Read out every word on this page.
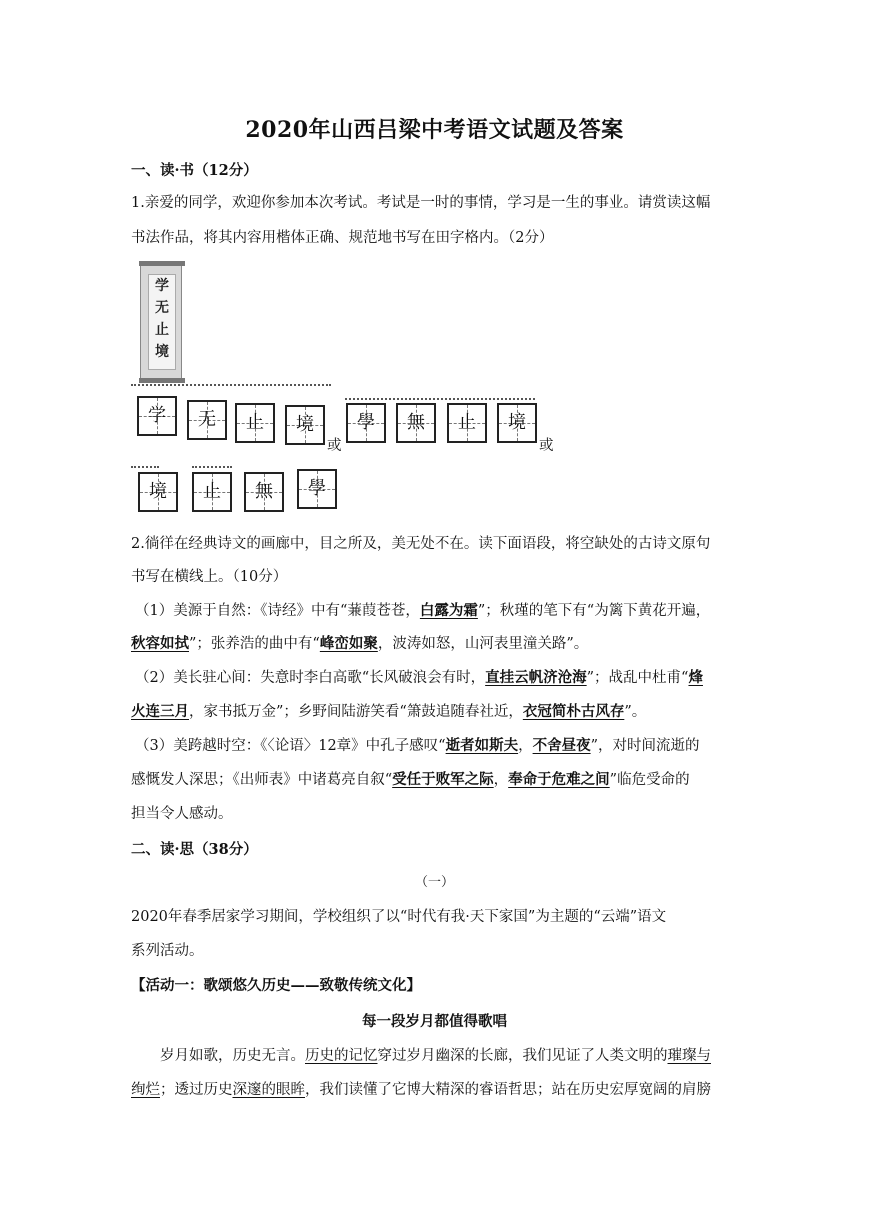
2020年山西吕梁中考语文试题及答案
一、读·书（12分）
1.亲爱的同学，欢迎你参加本次考试。考试是一时的事情，学习是一生的事业。请赏读这幅
书法作品，将其内容用楷体正确、规范地书写在田字格内。（2分）
学
无
止
境
学	无	止	境
或
學	無	止	境
或
境	止	無	學
2.徜徉在经典诗文的画廊中，目之所及，美无处不在。读下面语段，将空缺处的古诗文原句
书写在横线上。（10分）
（1）美源于自然：《诗经》中有“蒹葭苍苍，白露为霜”；秋瑾的笔下有“为篱下黄花开遍，
秋容如拭”；张养浩的曲中有“峰峦如聚，波涛如怒，山河表里潼关路”。
（2）美长驻心间：失意时李白高歌“长风破浪会有时，直挂云帆济沧海”；战乱中杜甫“烽
火连三月，家书抵万金”；乡野间陆游笑看“箫鼓追随春社近，衣冠简朴古风存”。
（3）美跨越时空：《〈论语〉12章》中孔子感叹“逝者如斯夫，不舍昼夜”，对时间流逝的
感慨发人深思；《出师表》中诸葛亮自叙“受任于败军之际，奉命于危难之间”临危受命的
担当令人感动。
二、读·思（38分）
（一）
2020年春季居家学习期间，学校组织了以“时代有我·天下家国”为主题的“云端”语文
系列活动。
【活动一：歌颂悠久历史——致敬传统文化】
每一段岁月都值得歌唱
岁月如歌，历史无言。历史的记忆穿过岁月幽深的长廊，我们见证了人类文明的璀璨与
绚烂；透过历史深邃的眼眸，我们读懂了它博大精深的睿语哲思；站在历史宏厚宽阔的肩膀
